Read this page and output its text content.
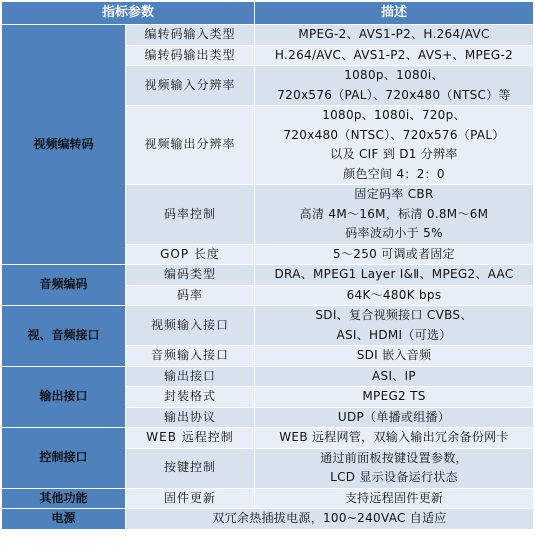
指标参数		描述
视频编转码	编转码输入类型	MPEG-2、AVS1-P2、H.264/AVC

	编转码输出类型	H.264/AVC、AVS1-P2、AVS+、MPEG-2

	视频输入分辨率	1080p、1080i、
720x576（PAL）、720x480（NTSC）等

	视频输出分辨率	1080p、1080i、720p、
720x480（NTSC）、720x576（PAL）
以及 CIF 到 D1 分辨率
颜色空间 4：2：0

	码率控制	固定码率 CBR
高清 4M～16M，标清 0.8M～6M
码率波动小于 5%

	GOP 长度	5～250 可调或者固定

音频编码	编码类型	DRA、MPEG1 Layer Ⅰ&Ⅱ、MPEG2、AAC

	码率	64K～480K bps

视、音频接口	视频输入接口	SDI、复合视频接口 CVBS、
ASI、HDMI（可选）

	音频输入接口	SDI 嵌入音频

输出接口	输出接口	ASI、IP

	封装格式	MPEG2 TS

	输出协议	UDP（单播或组播）

控制接口	WEB 远程控制	WEB 远程网管，双输入输出冗余备份网卡

	按键控制	通过前面板按键设置参数，
LCD 显示设备运行状态

其他功能	固件更新	支持远程固件更新

电源	双冗余热插拔电源，100~240VAC 自适应	
